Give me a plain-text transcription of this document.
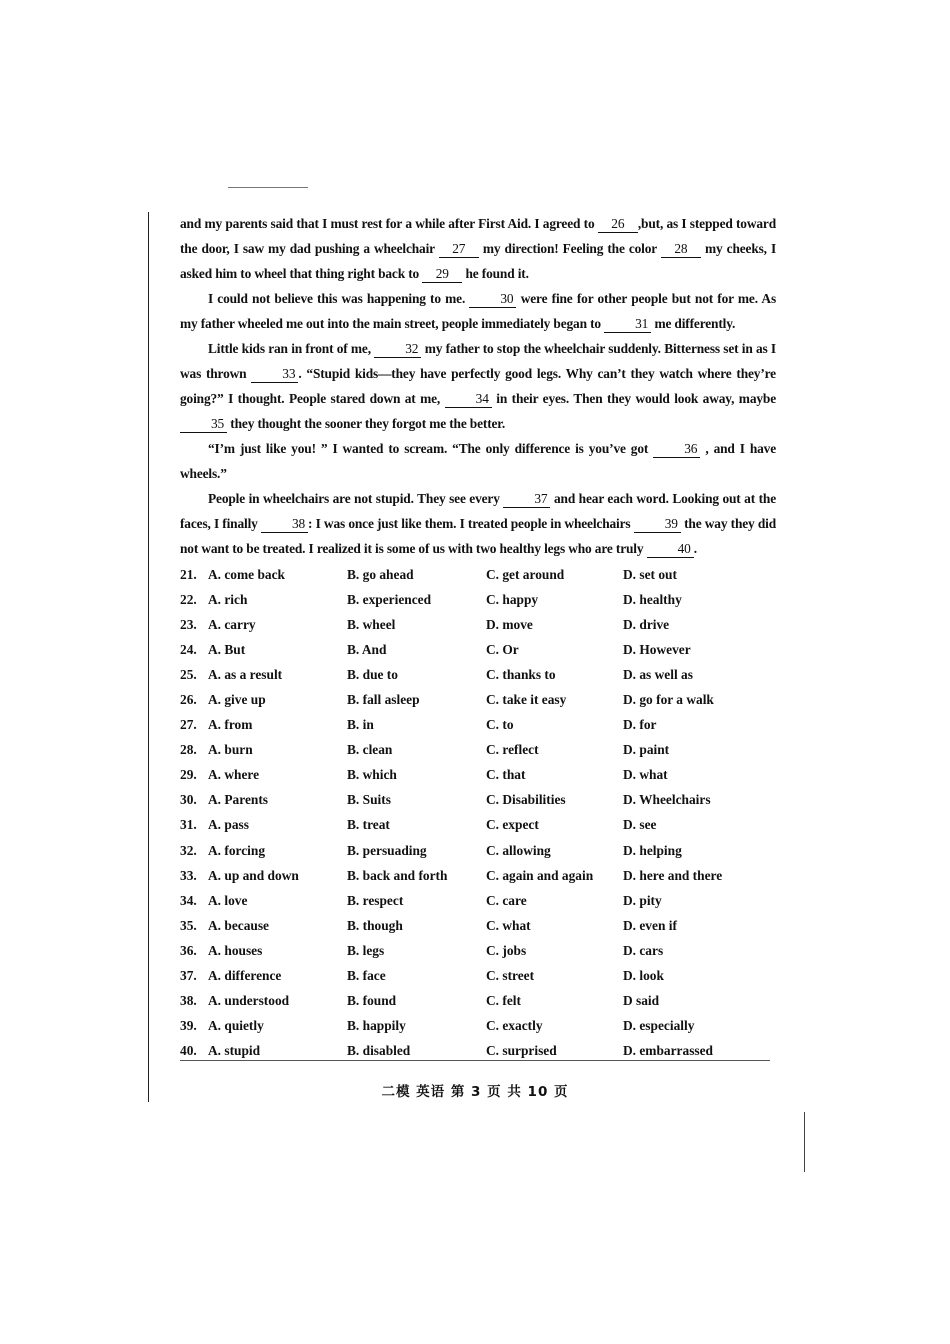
and my parents said that I must rest for a while after First Aid. I agreed to 26 ,but, as I stepped toward the door, I saw my dad pushing a wheelchair 27 my direction! Feeling the color 28 my cheeks, I asked him to wheel that thing right back to 29 he found it.

I could not believe this was happening to me.	30 were fine for other people but not for me. As my father wheeled me out into the main street, people immediately began to	31 me differently.

Little kids ran in front of me,	32 my father to stop the wheelchair suddenly. Bitterness set in as I was thrown	33 . “Stupid kids—they have perfectly good legs. Why can’t they watch where they’re going?” I thought. People stared down at me,	34 in their eyes. Then they would look away, maybe 35 they thought the sooner they forgot me the better.

“I’m just like you! ” I wanted to scream. “The only difference is you’ve got	36 , and I have wheels.”

People in wheelchairs are not stupid. They see every	37 and hear each word. Looking out at the faces, I finally	38 : I was once just like them. I treated people in wheelchairs	39 the way they did not want to be treated. I realized it is some of us with two healthy legs who are truly	40 .

21. A. come back	B. go ahead	C. get around	D. set out
22. A. rich	B. experienced	C. happy	D. healthy
23. A. carry	B. wheel	D. move	D. drive
24. A. But	B. And	C. Or	D. However
25. A. as a result	B. due to	C. thanks to	D. as well as
26. A. give up	B. fall asleep	C. take it easy	D. go for a walk
27. A. from	B. in	C. to	D. for
28. A. burn	B. clean	C. reflect	D. paint
29. A. where	B. which	C. that	D. what
30. A. Parents	B. Suits	C. Disabilities	D. Wheelchairs
31. A. pass	B. treat	C. expect	D. see
32. A. forcing	B. persuading	C. allowing	D. helping
33. A. up and down	B. back and forth	C. again and again D. here and there
34. A. love	B. respect	C. care	D. pity
35. A. because	B. though	C. what	D. even if
36. A. houses	B. legs	C. jobs	D. cars
37. A. difference	B. face	C. street	D. look
38. A. understood	B. found	C. felt	D said
39. A. quietly	B. happily	C. exactly	D. especially
40. A. stupid	B. disabled	C. surprised	D. embarrassed
二模 英语 第 3 页 共 10 页
